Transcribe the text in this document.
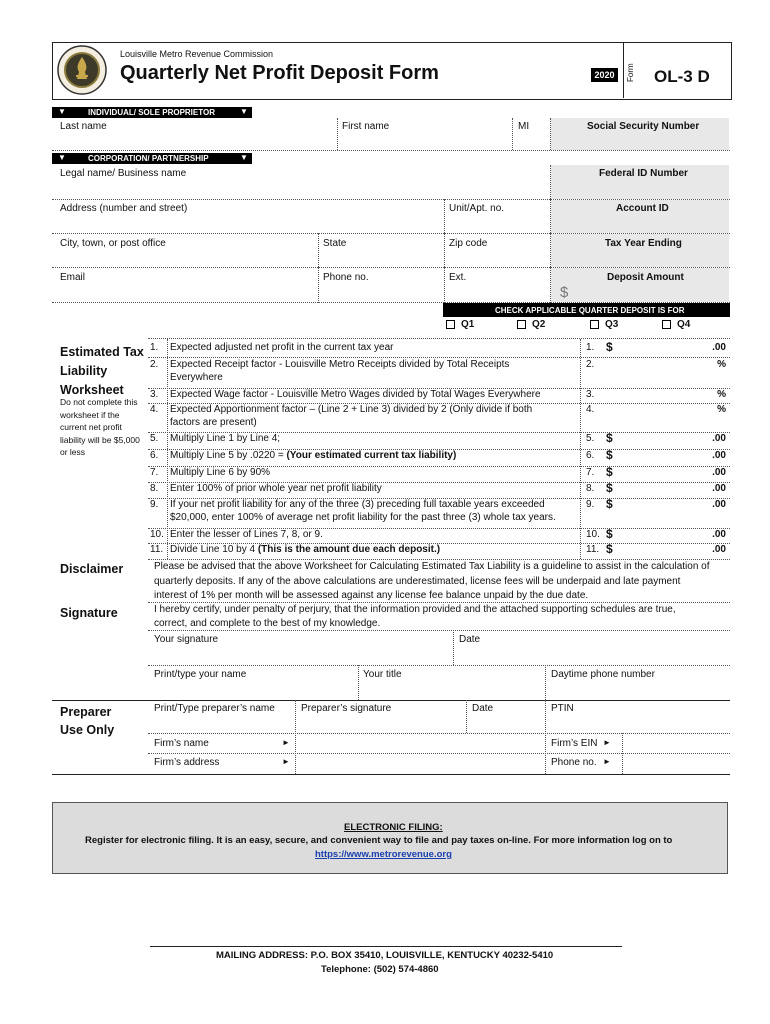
Louisville Metro Revenue Commission
Quarterly Net Profit Deposit Form	2020	Form OL-3 D
▼	INDIVIDUAL/ SOLE PROPRIETOR	▼
Last name	First name	MI	Social Security Number
▼	CORPORATION/ PARTNERSHIP	▼
Legal name/ Business name	Federal ID Number
Address (number and street)	Unit/Apt. no.	Account ID
City, town, or post office	State	Zip code	Tax Year Ending
Email	Phone no.	Ext.	Deposit Amount
$
CHECK APPLICABLE QUARTER DEPOSIT IS FOR
Q1	Q2	Q3	Q4
Estimated Tax Liability Worksheet
Do not complete this worksheet if the current net profit liability will be $5,000 or less
1. Expected adjusted net profit in the current tax year	1. $	.00
2. Expected Receipt factor - Louisville Metro Receipts divided by Total Receipts
Everywhere
2.	%
3. Expected Wage factor - Louisville Metro Wages divided by Total Wages Everywhere	3.	%
4. Expected Apportionment factor – (Line 2 + Line 3) divided by 2 (Only divide if both
factors are present)
4.	%
5. Multiply Line 1 by Line 4;	5. $	.00
6. Multiply Line 5 by .0220 = (Your estimated current tax liability)	6. $	.00
7. Multiply Line 6 by 90%	7. $	.00
8. Enter 100% of prior whole year net profit liability	8. $	.00
9. If your net profit liability for any of the three (3) preceding full taxable years exceeded
$20,000, enter 100% of average net profit liability for the past three (3) whole tax years.
9. $	.00
10. Enter the lesser of Lines 7, 8, or 9.	10. $	.00
11. Divide Line 10 by 4 (This is the amount due each deposit.)	11. $	.00
Disclaimer	Please be advised that the above Worksheet for Calculating Estimated Tax Liability is a guideline to assist in the calculation of
quarterly deposits. If any of the above calculations are underestimated, license fees will be underpaid and late payment
interest of 1% per month will be assessed against any license fee balance unpaid by the due date.
Signature	I hereby certify, under penalty of perjury, that the information provided and the attached supporting schedules are true,
correct, and complete to the best of my knowledge.
Your signature	Date
Print/type your name	Your title	Daytime phone number
Preparer
Use Only
Print/Type preparer’s name	Preparer’s signature	Date	PTIN
Firm’s name	►	Firm’s EIN ►
Firm’s address	►	Phone no. ►
ELECTRONIC FILING:
Register for electronic filing. It is an easy, secure, and convenient way to file and pay taxes on-line. For more information log on to
https://www.metrorevenue.org
MAILING ADDRESS: P.O. BOX 35410, LOUISVILLE, KENTUCKY 40232-5410
Telephone: (502) 574-4860
